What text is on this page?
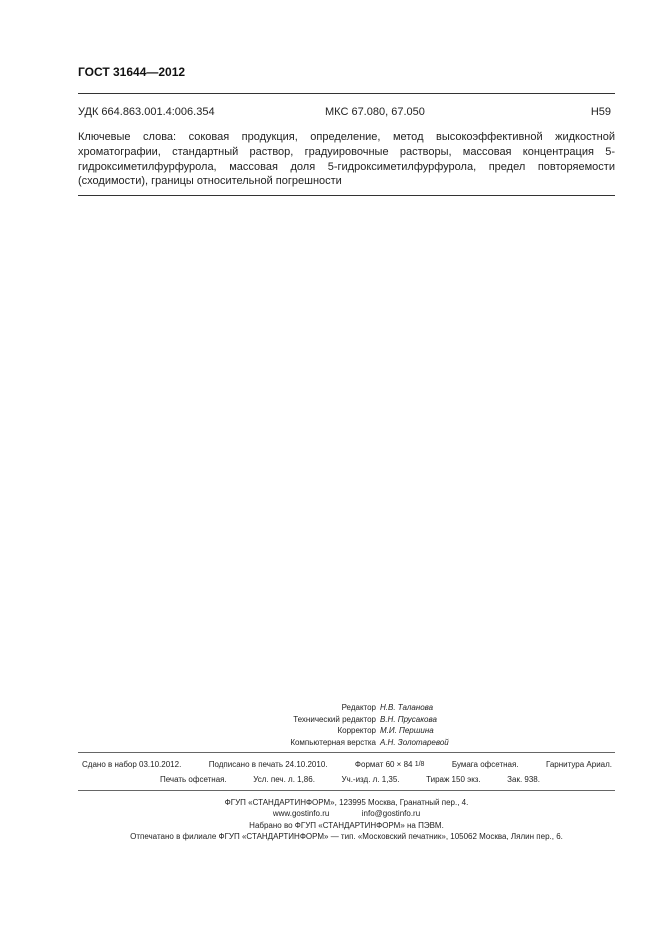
ГОСТ 31644—2012
УДК 664.863.001.4:006.354	МКС 67.080, 67.050	Н59
Ключевые слова: соковая продукция, определение, метод высокоэффективной жидкостной хроматографии, стандартный раствор, градуировочные растворы, массовая концентрация 5-гидроксиметилфурфурола, массовая доля 5-гидроксиметилфурфурола, предел повторяемости (сходимости), границы относительной погрешности
Редактор Н.В. Таланова
Технический редактор В.Н. Прусакова
Корректор М.И. Першина
Компьютерная верстка А.Н. Золотаревой
Сдано в набор 03.10.2012.	Подписано в печать 24.10.2010.	Формат 60 × 84 1/8	Бумага офсетная.	Гарнитура Ариал.
Печать офсетная.	Усл. печ. л. 1,86.	Уч.-изд. л. 1,35.	Тираж 150 экз.	Зак. 938.
ФГУП «СТАНДАРТИНФОРМ», 123995 Москва, Гранатный пер., 4.
www.gostinfo.ru	info@gostinfo.ru
Набрано во ФГУП «СТАНДАРТИНФОРМ» на ПЭВМ.
Отпечатано в филиале ФГУП «СТАНДАРТИНФОРМ» — тип. «Московский печатник», 105062 Москва, Лялин пер., 6.
